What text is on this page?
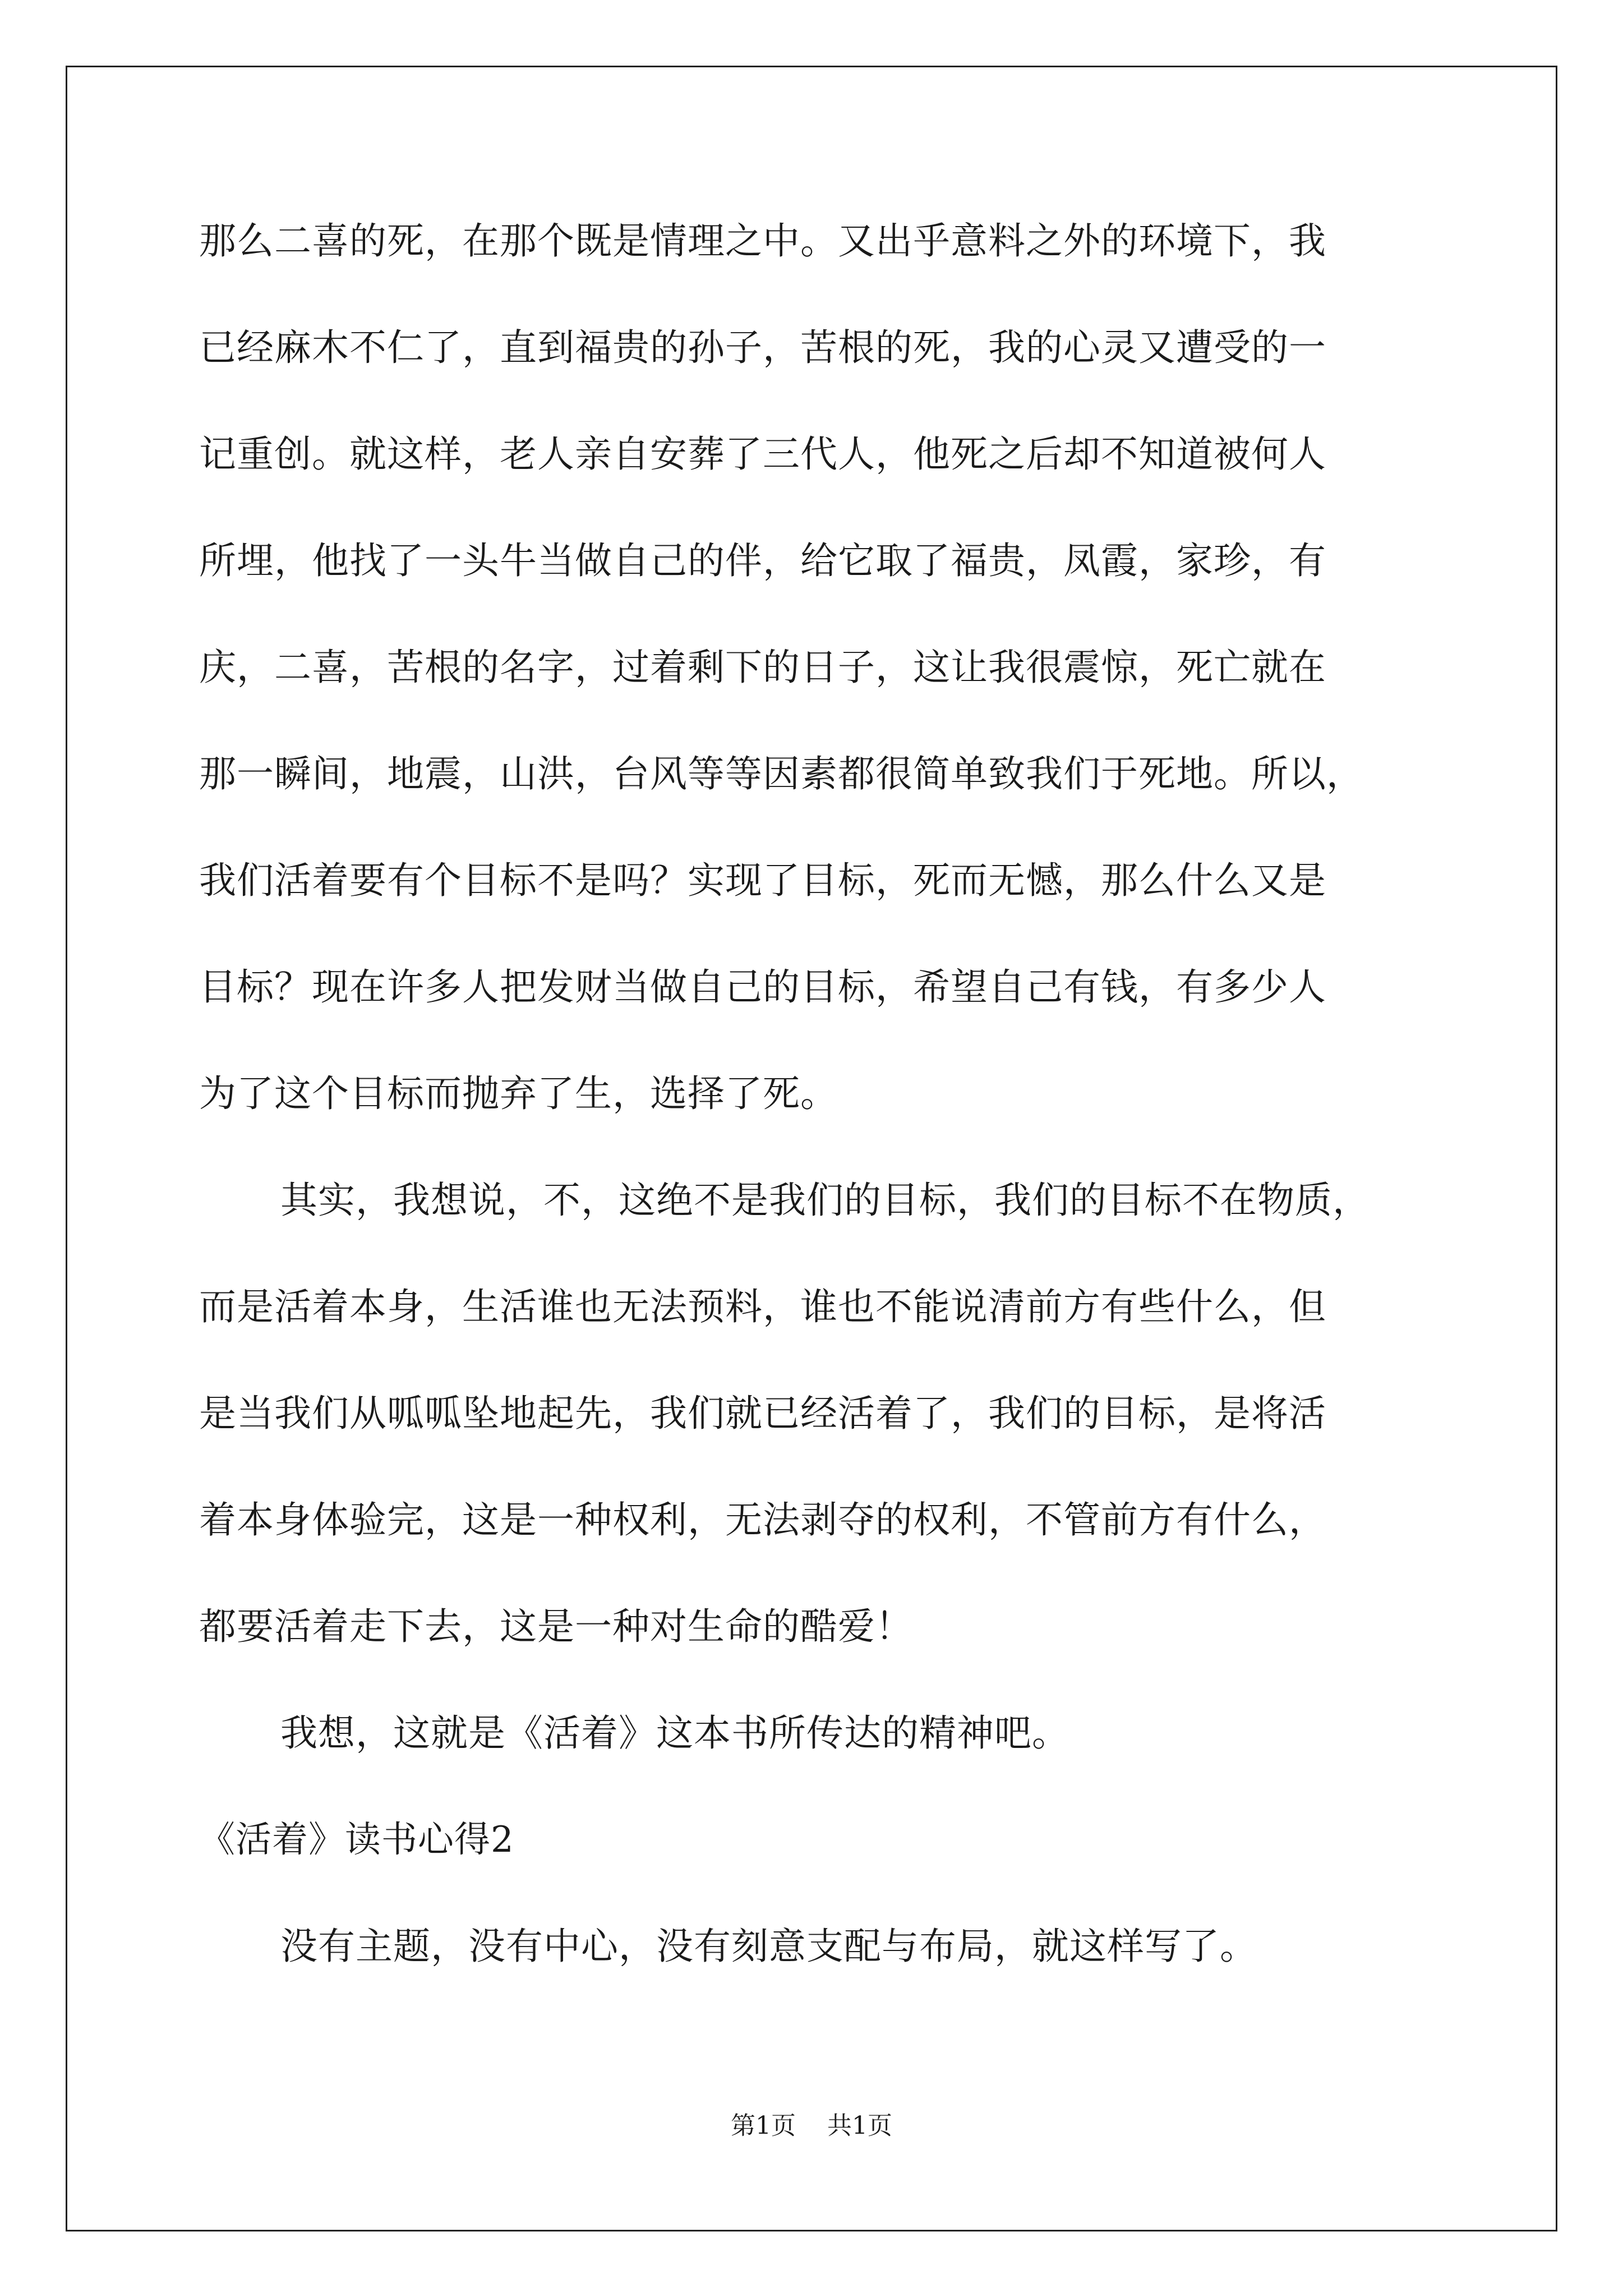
那么二喜的死，在那个既是情理之中。又出乎意料之外的环境下，我
已经麻木不仁了，直到福贵的孙子，苦根的死，我的心灵又遭受的一
记重创。就这样，老人亲自安葬了三代人，他死之后却不知道被何人
所埋，他找了一头牛当做自己的伴，给它取了福贵，凤霞，家珍，有
庆，二喜，苦根的名字，过着剩下的日子，这让我很震惊，死亡就在
那一瞬间，地震，山洪，台风等等因素都很简单致我们于死地。所以，
我们活着要有个目标不是吗？实现了目标，死而无憾，那么什么又是
目标？现在许多人把发财当做自己的目标，希望自己有钱，有多少人
为了这个目标而抛弃了生，选择了死。
其实，我想说，不，这绝不是我们的目标，我们的目标不在物质，
而是活着本身，生活谁也无法预料，谁也不能说清前方有些什么，但
是当我们从呱呱坠地起先，我们就已经活着了，我们的目标，是将活
着本身体验完，这是一种权利，无法剥夺的权利，不管前方有什么，
都要活着走下去，这是一种对生命的酷爱！
我想，这就是《活着》这本书所传达的精神吧。
《活着》读书心得2
没有主题，没有中心，没有刻意支配与布局，就这样写了。
第1页    共1页
